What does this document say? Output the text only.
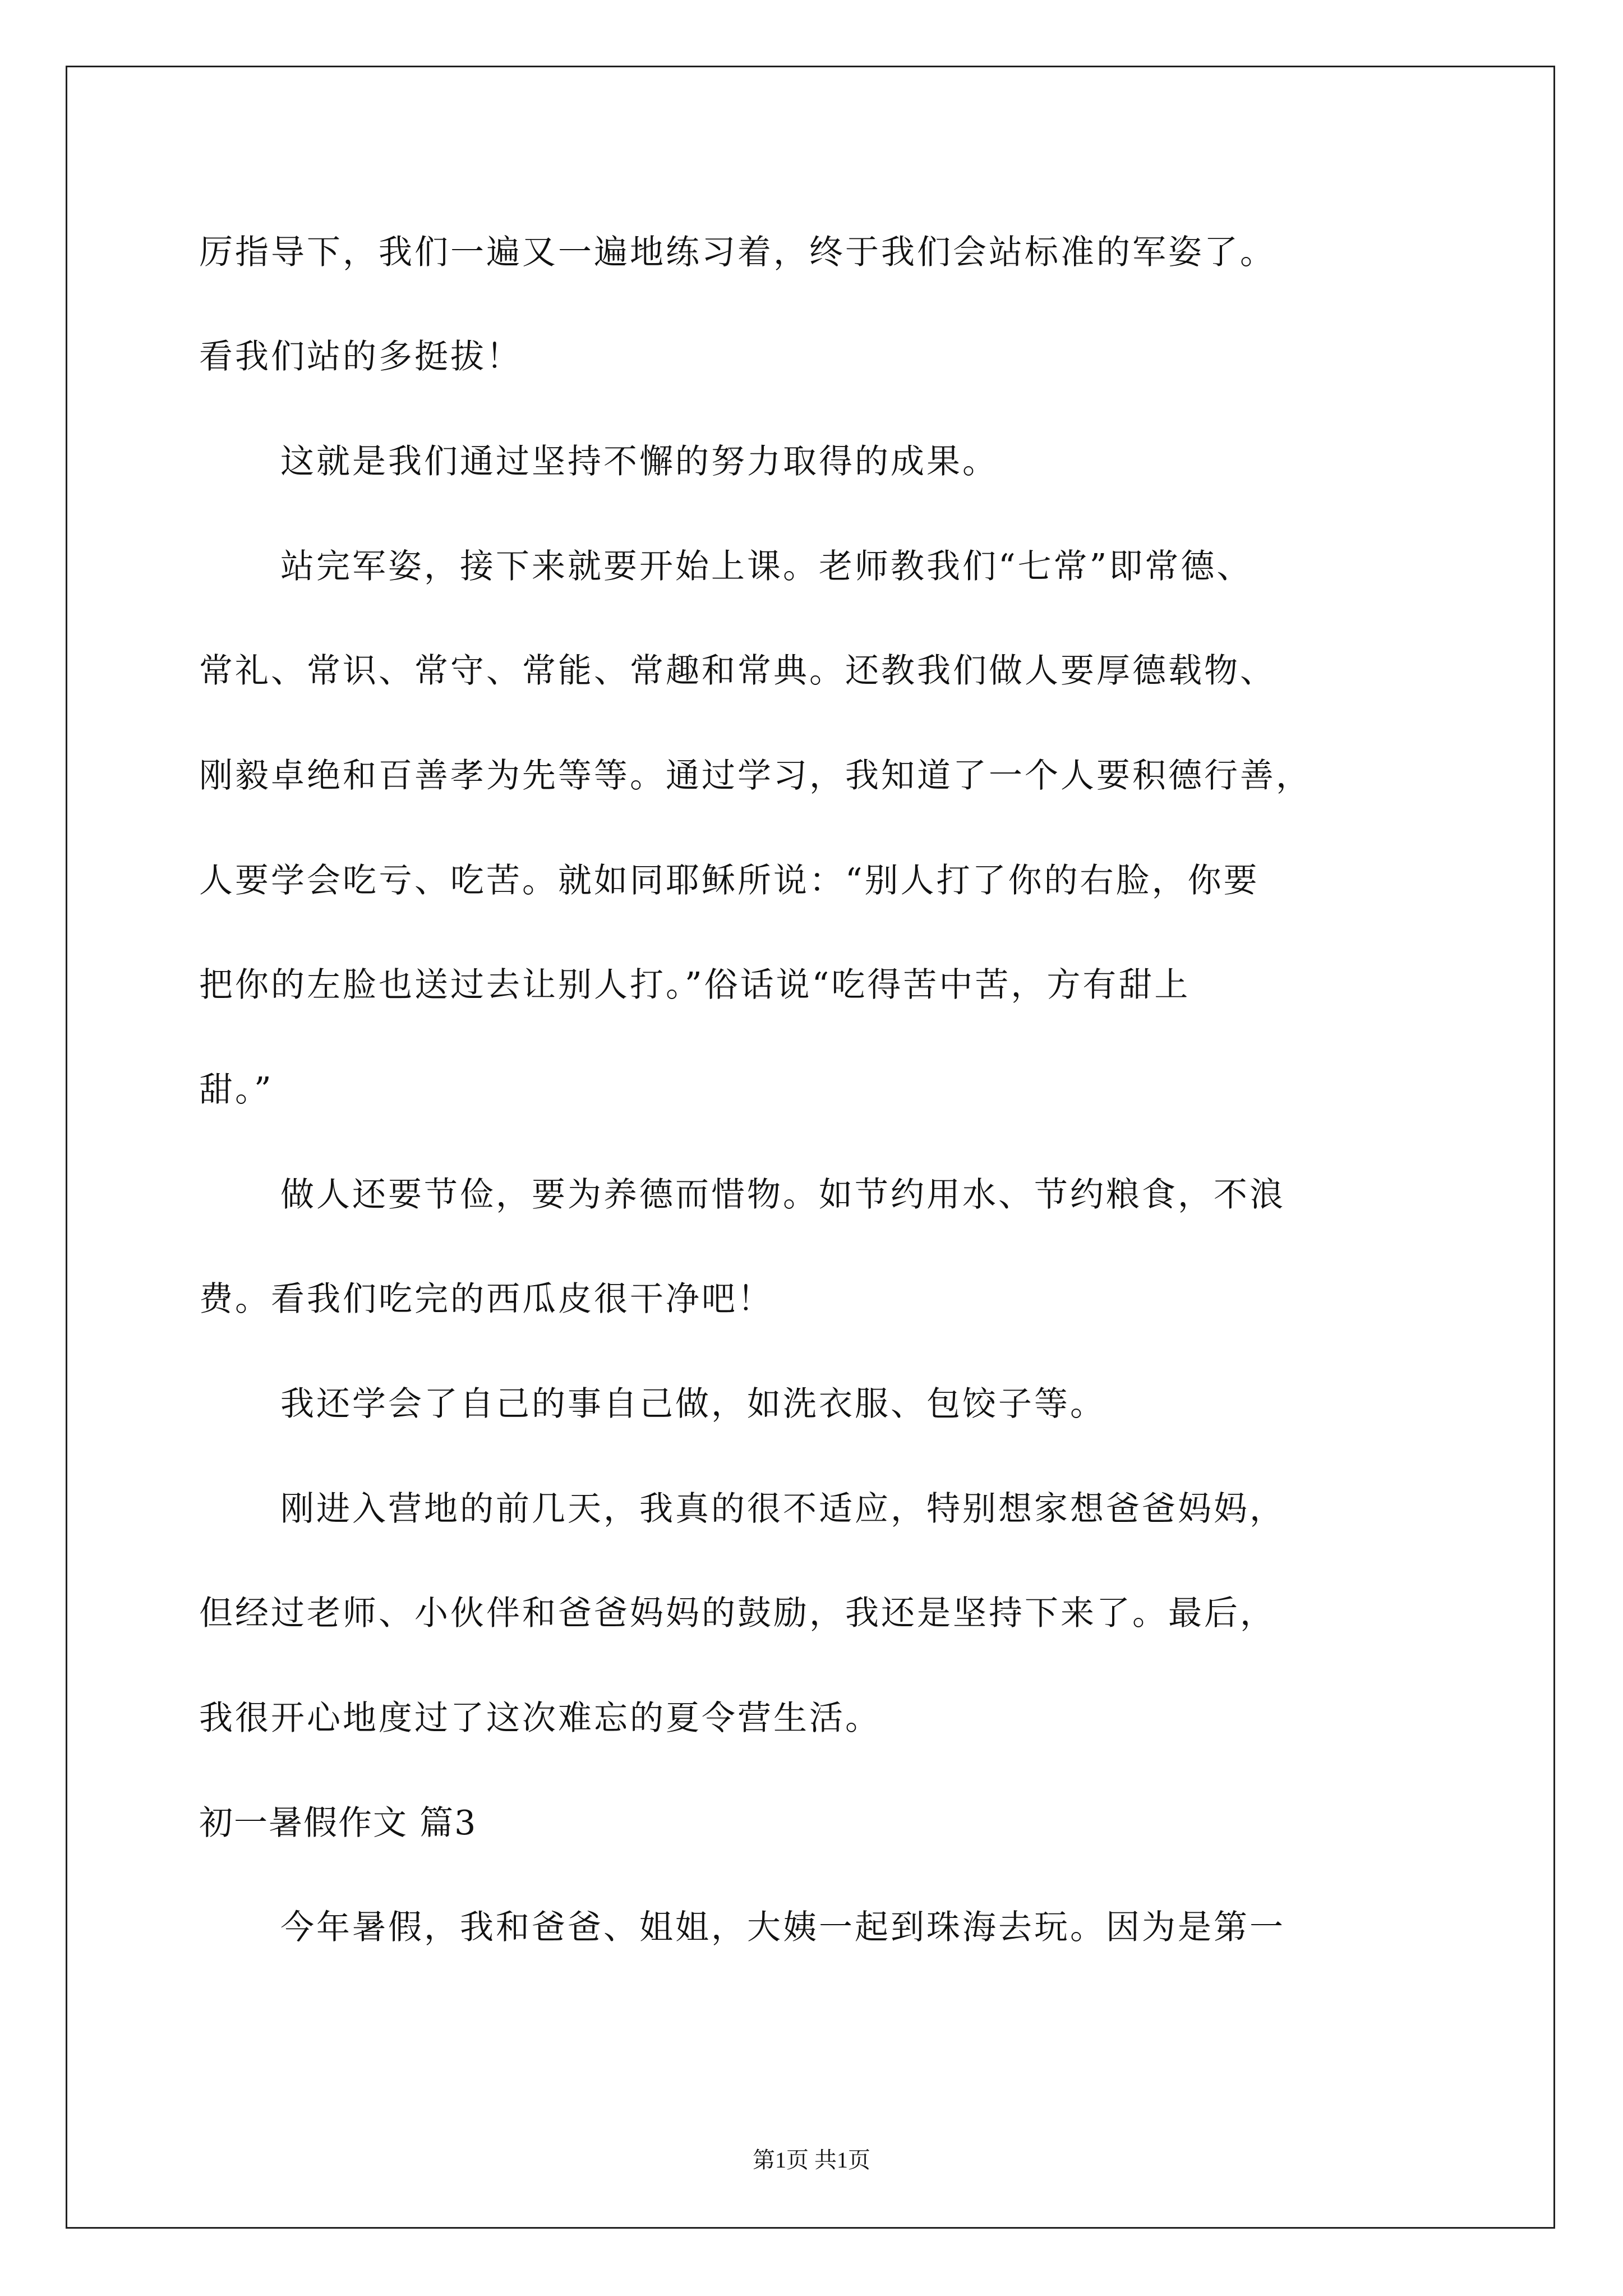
厉指导下，我们一遍又一遍地练习着，终于我们会站标准的军姿了。
看我们站的多挺拔！
这就是我们通过坚持不懈的努力取得的成果。
站完军姿，接下来就要开始上课。老师教我们“七常”即常德、
常礼、常识、常守、常能、常趣和常典。还教我们做人要厚德载物、
刚毅卓绝和百善孝为先等等。通过学习，我知道了一个人要积德行善，
人要学会吃亏、吃苦。就如同耶稣所说：“别人打了你的右脸，你要
把你的左脸也送过去让别人打。”俗话说“吃得苦中苦，方有甜上
甜。”
做人还要节俭，要为养德而惜物。如节约用水、节约粮食，不浪
费。看我们吃完的西瓜皮很干净吧！
我还学会了自己的事自己做，如洗衣服、包饺子等。
刚进入营地的前几天，我真的很不适应，特别想家想爸爸妈妈，
但经过老师、小伙伴和爸爸妈妈的鼓励，我还是坚持下来了。最后，
我很开心地度过了这次难忘的夏令营生活。
初一暑假作文 篇3
今年暑假，我和爸爸、姐姐，大姨一起到珠海去玩。因为是第一
第1页 共1页
